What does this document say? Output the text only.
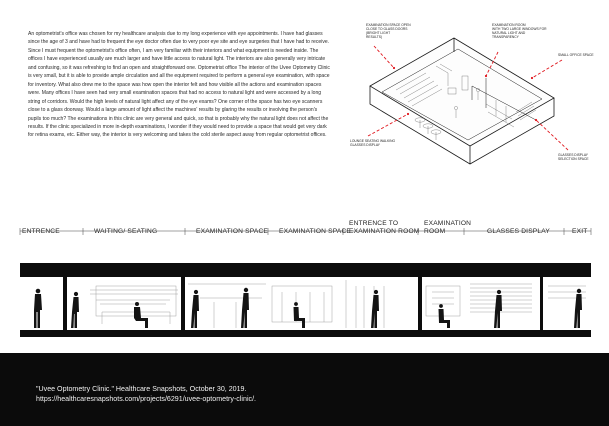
An optometrist's office was chosen for my healthcare analysis due to my long experience with eye appointments. I have had glasses since the age of 3 and have had to frequent the eye doctor often due to very poor eye site and eye surgeries that I have had to receive. Since I must frequent the optometrist's office often, I am very familiar with their interiors and what equipment is needed inside. The offices I have experienced usually are much larger and have little access to natural light. The interiors are also generally very intricate and confusing, so it was refreshing to find an open and straightforward one. Optometrist office The interior of the Uvee Optometry Clinic is very small, but it is able to provide ample circulation and all the equipment required to perform a general eye examination, with space for inventory. What also drew me to the space was how open the interior felt and how visible all the actions and examination spaces were. Many offices I have seen had very small examination spaces that had no access to natural light and were accessed by a long string of corridors. Would the high levels of natural light affect any of the eye exams? One corner of the space has two eye scanners close to a glass doorway. Would a large amount of light affect the machines' results by glaring the results or involving the person's pupils too much? The examinations in this clinic are very general and quick, so that is probably why the natural light does not affect the results. If the clinic specialized in more in-depth examinations, I wonder if they would need to provide a space that would get very dark for retina exams, etc. Either way, the interior is very welcoming and takes the cold sterile aspect away from regular optometrist offices.

EXAMINATION SPACE OPEN
CLOSE TO GLASS DOORS
(BRIGHT LIGHT
RESULTS)
EXAMINATION ROOM
WITH TWO LARGE WINDOWS FOR
NATURAL LIGHT AND
TRANSPARENCY
SMALL OFFICE SPACE
LOUNGE SEATING WALKING
GLASSES DISPLAY
GLASSES DISPLAY
SELECTION SPACE
ENTRENCE	WAITING/ SEATING	EXAMINATION SPACE EXAMINATION SPACE
ENTRENCE TO
EXAMINATION ROOM
EXAMINATION
ROOM	GLASSES DISPLAY	EXIT

"Uvee Optometry Clinic." Healthcare Snapshots, October 30, 2019.
https://healthcaresnapshots.com/projects/6291/uvee-optometry-clinic/.
